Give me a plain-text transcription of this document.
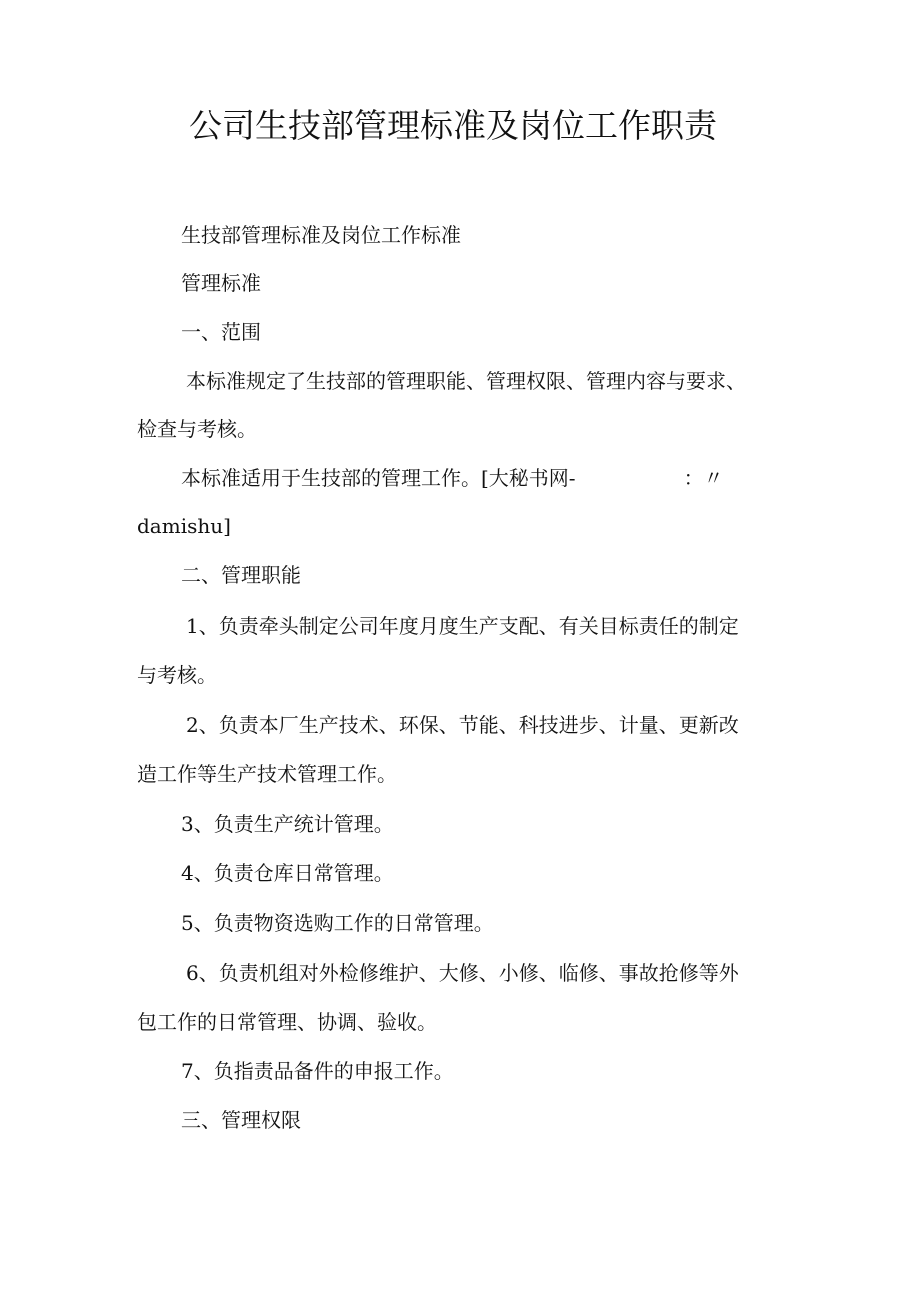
公司生技部管理标准及岗位工作职责
生技部管理标准及岗位工作标准
管理标准
一、范围
本标准规定了生技部的管理职能、管理权限、管理内容与要求、
检查与考核。
本标准适用于生技部的管理工作。[大秘书网-	：〃
damishu]
二、管理职能
1、负责牵头制定公司年度月度生产支配、有关目标责任的制定
与考核。
2、负责本厂生产技术、环保、节能、科技进步、计量、更新改
造工作等生产技术管理工作。
3、负责生产统计管理。
4、负责仓库日常管理。
5、负责物资选购工作的日常管理。
6、负责机组对外检修维护、大修、小修、临修、事故抢修等外
包工作的日常管理、协调、验收。
7、负指责品备件的申报工作。
三、管理权限
